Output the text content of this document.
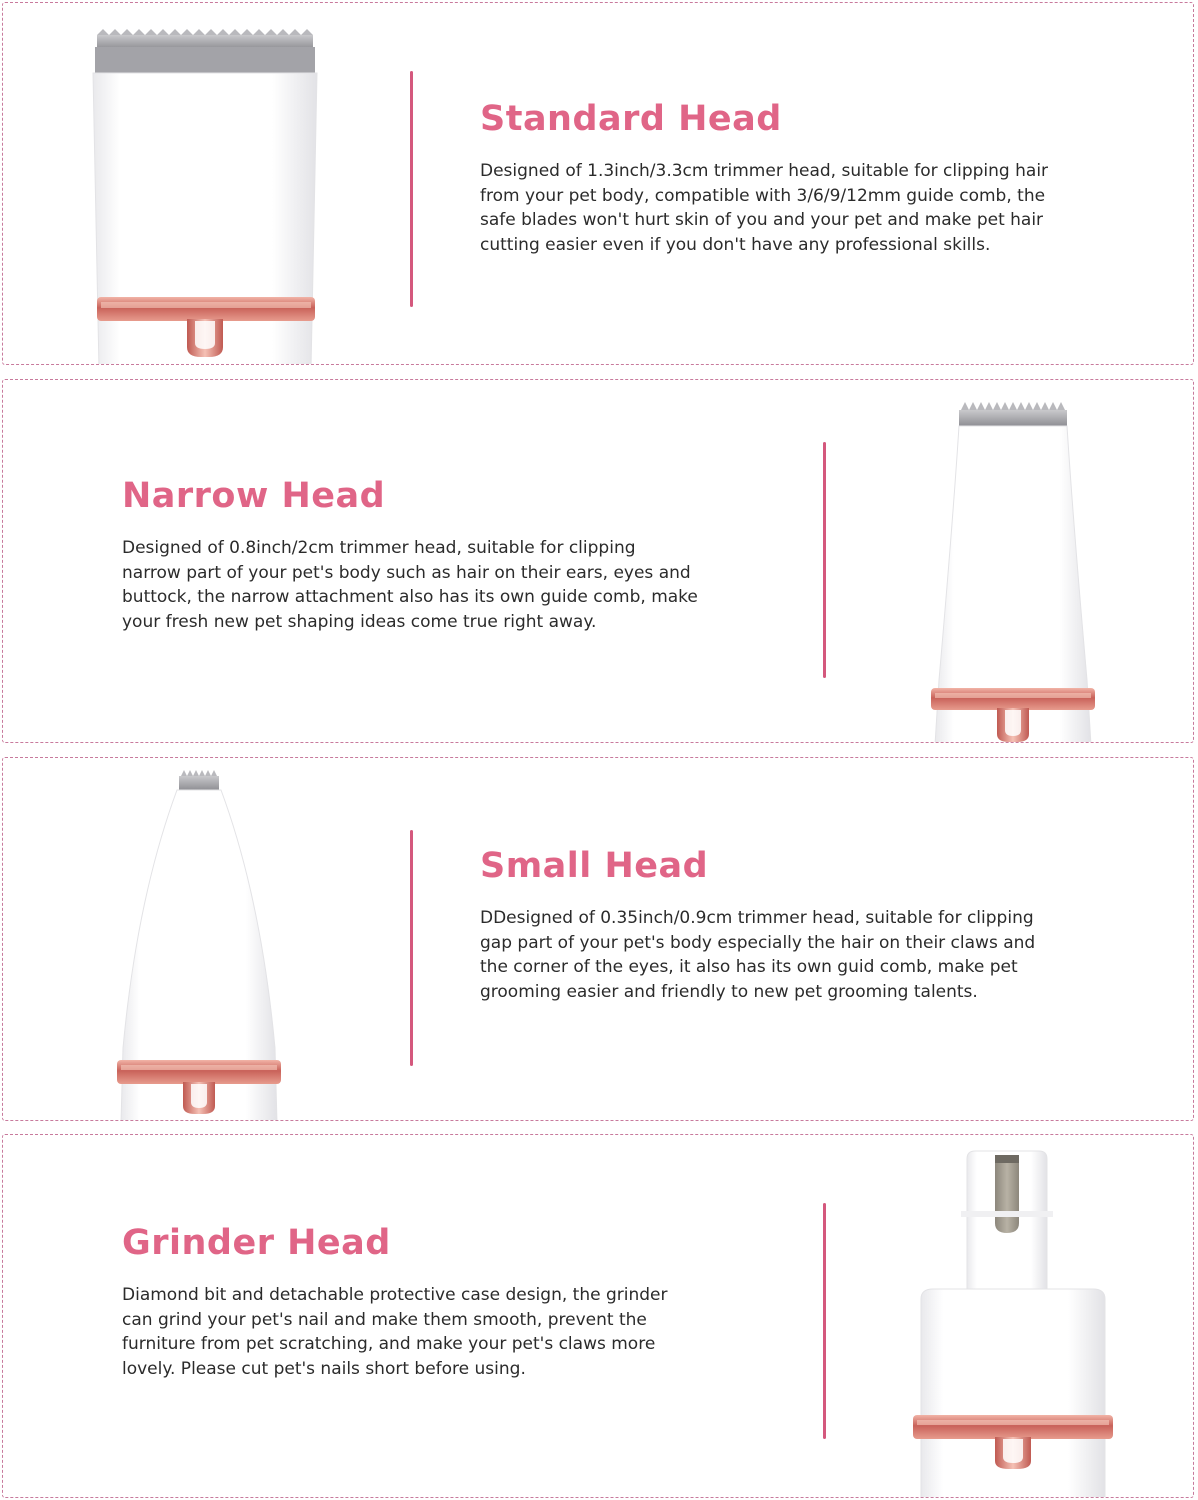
Standard Head

Designed of 1.3inch/3.3cm trimmer head, suitable for clipping hair
from your pet body, compatible with 3/6/9/12mm guide comb, the
safe blades won't hurt skin of you and your pet and make pet hair
cutting easier even if you don't have any professional skills.

Narrow Head

Designed of 0.8inch/2cm trimmer head, suitable for clipping
narrow part of your pet's body such as hair on their ears, eyes and
buttock, the narrow attachment also has its own guide comb, make
your fresh new pet shaping ideas come true right away.

Small Head

DDesigned of 0.35inch/0.9cm trimmer head, suitable for clipping
gap part of your pet's body especially the hair on their claws and
the corner of the eyes, it also has its own guid comb, make pet
grooming easier and friendly to new pet grooming talents.

Grinder Head

Diamond bit and detachable protective case design, the grinder
can grind your pet's nail and make them smooth, prevent the
furniture from pet scratching, and make your pet's claws more
lovely. Please cut pet's nails short before using.
